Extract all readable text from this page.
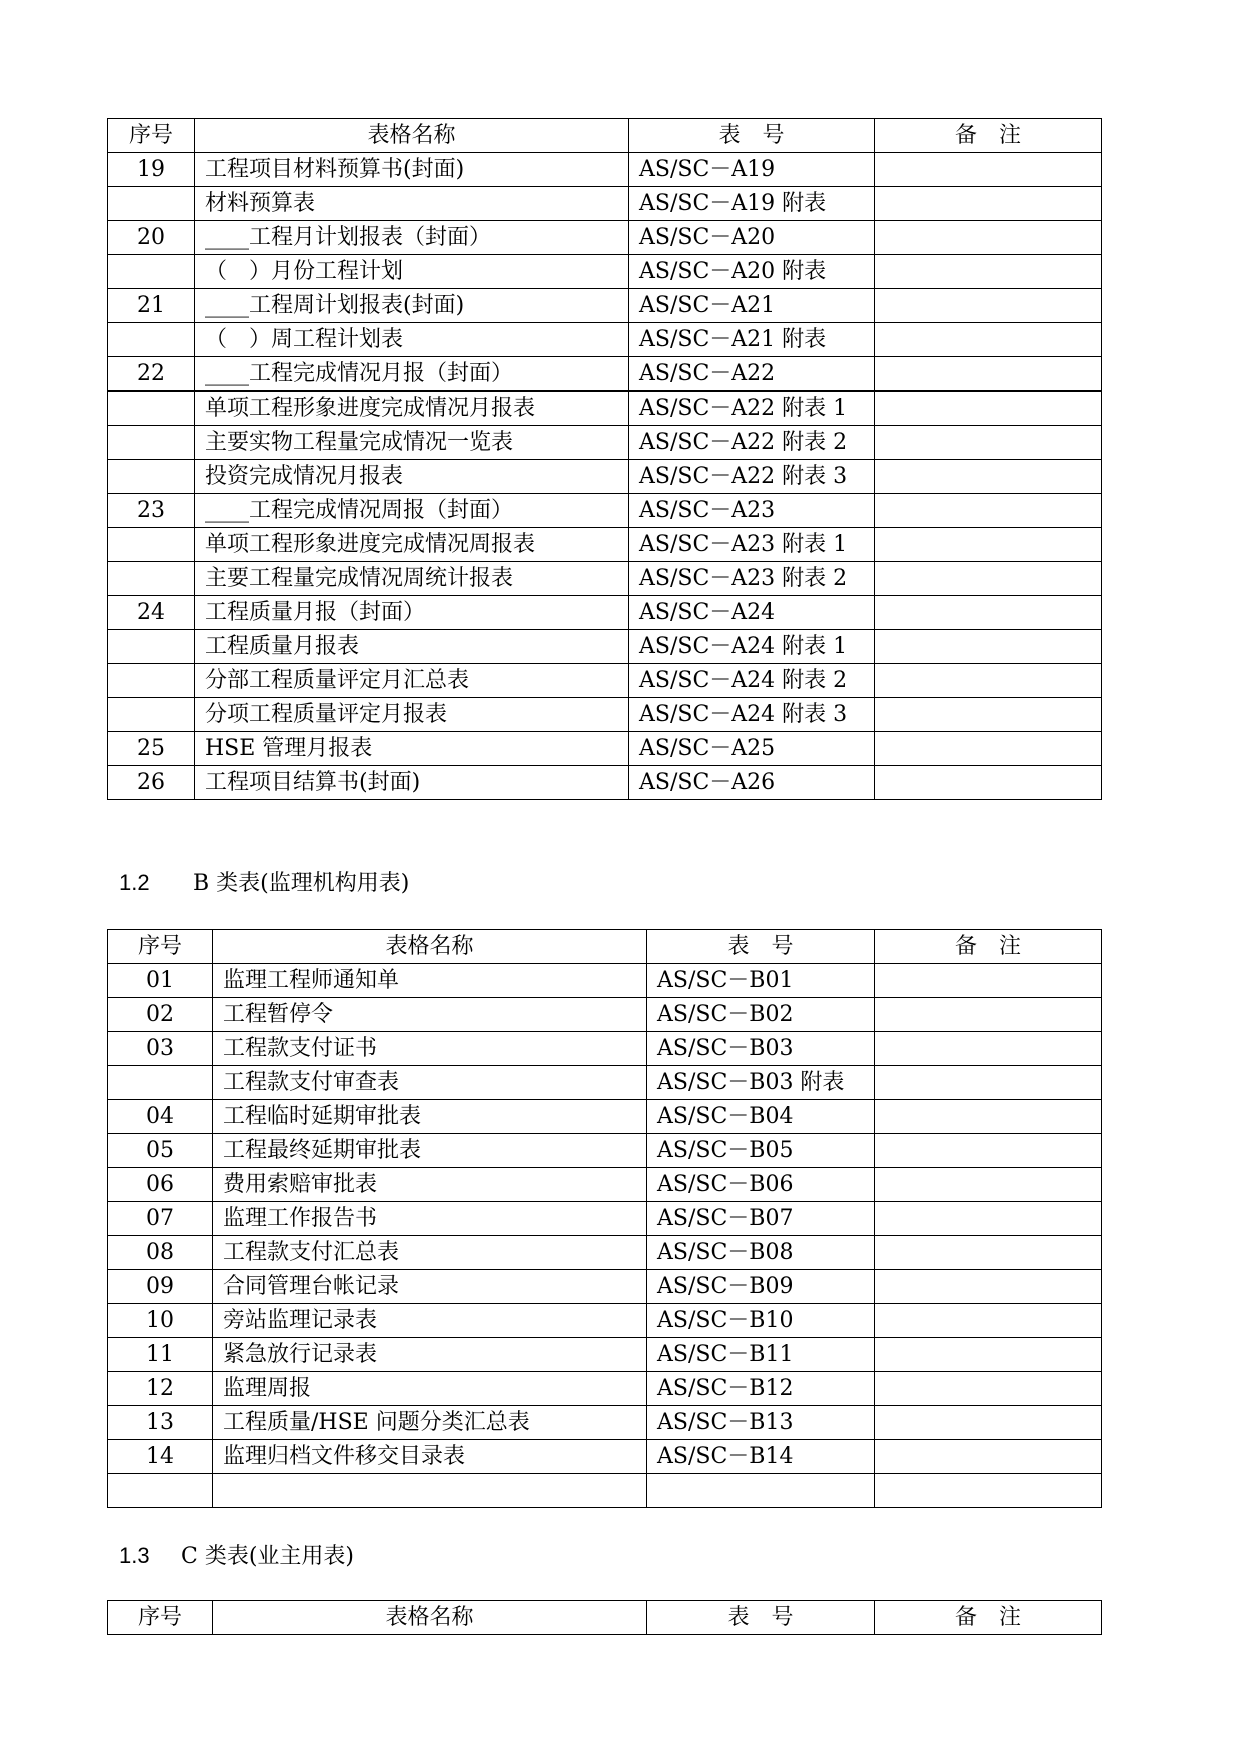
序号	表格名称	表　号	备　注
19	工程项目材料预算书(封面)	AS/SC－A19	
	材料预算表	AS/SC－A19 附表	
20	____工程月计划报表（封面）	AS/SC－A20	
	（　）月份工程计划	AS/SC－A20 附表	
21	____工程周计划报表(封面)	AS/SC－A21	
	（　）周工程计划表	AS/SC－A21 附表	
22	____工程完成情况月报（封面）	AS/SC－A22	
	单项工程形象进度完成情况月报表	AS/SC－A22 附表 1	
	主要实物工程量完成情况一览表	AS/SC－A22 附表 2	
	投资完成情况月报表	AS/SC－A22 附表 3	
23	____工程完成情况周报（封面）	AS/SC－A23	
	单项工程形象进度完成情况周报表	AS/SC－A23 附表 1	
	主要工程量完成情况周统计报表	AS/SC－A23 附表 2	
24	工程质量月报（封面）	AS/SC－A24	
	工程质量月报表	AS/SC－A24 附表 1	
	分部工程质量评定月汇总表	AS/SC－A24 附表 2	
	分项工程质量评定月报表	AS/SC－A24 附表 3	
25	HSE 管理月报表	AS/SC－A25	
26	工程项目结算书(封面)	AS/SC－A26	
1.2 B 类表(监理机构用表)
序号	表格名称	表　号	备　注
01	监理工程师通知单	AS/SC－B01	
02	工程暂停令	AS/SC－B02	
03	工程款支付证书	AS/SC－B03	
	工程款支付审查表	AS/SC－B03 附表	
04	工程临时延期审批表	AS/SC－B04	
05	工程最终延期审批表	AS/SC－B05	
06	费用索赔审批表	AS/SC－B06	
07	监理工作报告书	AS/SC－B07	
08	工程款支付汇总表	AS/SC－B08	
09	合同管理台帐记录	AS/SC－B09	
10	旁站监理记录表	AS/SC－B10	
11	紧急放行记录表	AS/SC－B11	
12	监理周报	AS/SC－B12	
13	工程质量/HSE 问题分类汇总表	AS/SC－B13	
14	监理归档文件移交目录表	AS/SC－B14	

1.3 C 类表(业主用表)
序号	表格名称	表　号	备　注
